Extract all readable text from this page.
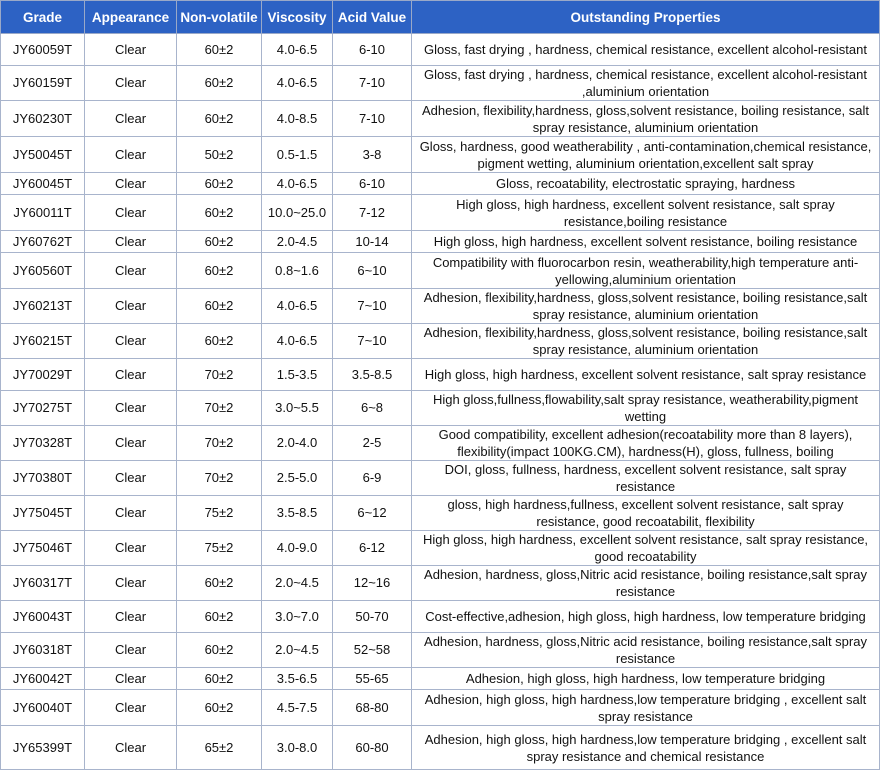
Grade	Appearance	Non-volatile	Viscosity	Acid Value	Outstanding Properties
JY60059T	Clear	60±2	4.0-6.5	6-10	Gloss, fast drying , hardness, chemical resistance, excellent alcohol-resistant
JY60159T	Clear	60±2	4.0-6.5	7-10	Gloss, fast drying , hardness, chemical resistance, excellent alcohol-resistant ,aluminium orientation
JY60230T	Clear	60±2	4.0-8.5	7-10	Adhesion, flexibility,hardness, gloss,solvent resistance, boiling resistance, salt spray resistance, aluminium orientation
JY50045T	Clear	50±2	0.5-1.5	3-8	Gloss, hardness, good weatherability , anti-contamination,chemical resistance, pigment wetting, aluminium orientation,excellent salt spray
JY60045T	Clear	60±2	4.0-6.5	6-10	Gloss, recoatability, electrostatic spraying, hardness
JY60011T	Clear	60±2	10.0~25.0	7-12	High gloss, high hardness, excellent solvent resistance, salt spray resistance,boiling resistance
JY60762T	Clear	60±2	2.0-4.5	10-14	High gloss, high hardness, excellent solvent resistance, boiling resistance
JY60560T	Clear	60±2	0.8~1.6	6~10	Compatibility with fluorocarbon resin, weatherability,high temperature anti-yellowing,aluminium orientation
JY60213T	Clear	60±2	4.0-6.5	7~10	Adhesion, flexibility,hardness, gloss,solvent resistance, boiling resistance,salt spray resistance, aluminium orientation
JY60215T	Clear	60±2	4.0-6.5	7~10	Adhesion, flexibility,hardness, gloss,solvent resistance, boiling resistance,salt spray resistance, aluminium orientation
JY70029T	Clear	70±2	1.5-3.5	3.5-8.5	High gloss, high hardness, excellent solvent resistance, salt spray resistance
JY70275T	Clear	70±2	3.0~5.5	6~8	High gloss,fullness,flowability,salt spray resistance, weatherability,pigment wetting
JY70328T	Clear	70±2	2.0-4.0	2-5	Good compatibility, excellent adhesion(recoatability more than 8 layers), flexibility(impact 100KG.CM), hardness(H), gloss, fullness, boiling
JY70380T	Clear	70±2	2.5-5.0	6-9	DOI, gloss, fullness, hardness, excellent solvent resistance, salt spray resistance
JY75045T	Clear	75±2	3.5-8.5	6~12	gloss, high hardness,fullness, excellent solvent resistance, salt spray resistance, good recoatabilit, flexibility
JY75046T	Clear	75±2	4.0-9.0	6-12	High gloss, high hardness, excellent solvent resistance, salt spray resistance, good recoatability
JY60317T	Clear	60±2	2.0~4.5	12~16	Adhesion, hardness, gloss,Nitric acid resistance, boiling resistance,salt spray resistance
JY60043T	Clear	60±2	3.0~7.0	50-70	Cost-effective,adhesion, high gloss, high hardness, low temperature bridging
JY60318T	Clear	60±2	2.0~4.5	52~58	Adhesion, hardness, gloss,Nitric acid resistance, boiling resistance,salt spray resistance
JY60042T	Clear	60±2	3.5-6.5	55-65	Adhesion, high gloss, high hardness, low temperature bridging
JY60040T	Clear	60±2	4.5-7.5	68-80	Adhesion, high gloss, high hardness,low temperature bridging , excellent salt spray resistance
JY65399T	Clear	65±2	3.0-8.0	60-80	Adhesion, high gloss, high hardness,low temperature bridging , excellent salt spray resistance and chemical resistance
